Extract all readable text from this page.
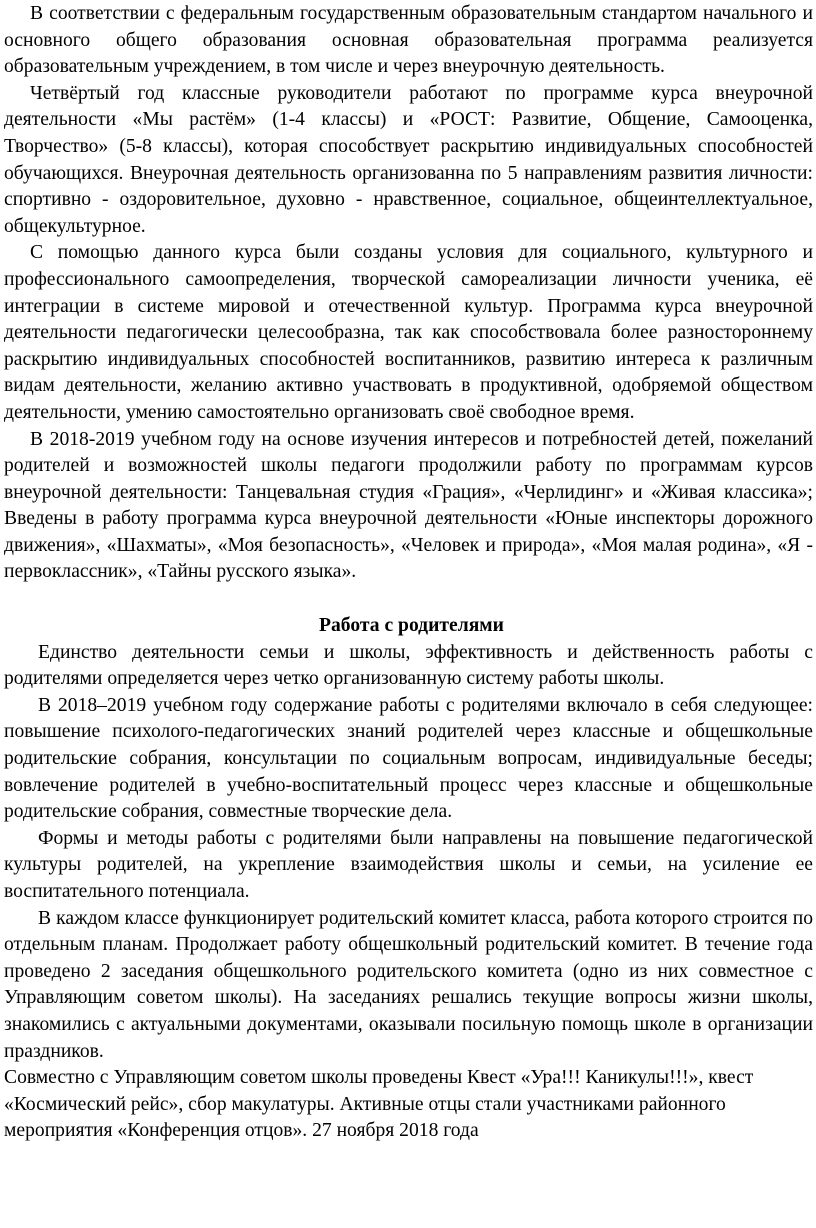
В соответствии с федеральным государственным образовательным стандартом начального и основного общего образования основная образовательная программа реализуется образовательным учреждением, в том числе и через внеурочную деятельность.

Четвёртый год классные руководители работают по программе курса внеурочной деятельности «Мы растём» (1-4 классы) и «РОСТ: Развитие, Общение, Самооценка, Творчество» (5-8 классы), которая способствует раскрытию индивидуальных способностей обучающихся. Внеурочная деятельность организованна по 5 направлениям развития личности: спортивно - оздоровительное, духовно - нравственное, социальное, общеинтеллектуальное, общекультурное.

С помощью данного курса были созданы условия для социального, культурного и профессионального самоопределения, творческой самореализации личности ученика, её интеграции в системе мировой и отечественной культур. Программа курса внеурочной деятельности педагогически целесообразна, так как способствовала более разностороннему раскрытию индивидуальных способностей воспитанников, развитию интереса к различным видам деятельности, желанию активно участвовать в продуктивной, одобряемой обществом деятельности, умению самостоятельно организовать своё свободное время.

В 2018-2019 учебном году на основе изучения интересов и потребностей детей, пожеланий родителей и возможностей школы педагоги продолжили работу по программам курсов внеурочной деятельности: Танцевальная студия «Грация», «Черлидинг» и «Живая классика»; Введены в работу программа курса внеурочной деятельности «Юные инспекторы дорожного движения», «Шахматы», «Моя безопасность», «Человек и природа», «Моя малая родина», «Я - первоклассник», «Тайны русского языка».

Работа с родителями

Единство деятельности семьи и школы, эффективность и действенность работы с родителями определяется через четко организованную систему работы школы.

В 2018–2019 учебном году содержание работы с родителями включало в себя следующее: повышение психолого-педагогических знаний родителей через классные и общешкольные родительские собрания, консультации по социальным вопросам, индивидуальные беседы; вовлечение родителей в учебно-воспитательный процесс через классные и общешкольные родительские собрания, совместные творческие дела.

Формы и методы работы с родителями были направлены на повышение педагогической культуры родителей, на укрепление взаимодействия школы и семьи, на усиление ее воспитательного потенциала.

В каждом классе функционирует родительский комитет класса, работа которого строится по отдельным планам. Продолжает работу общешкольный родительский комитет. В течение года проведено 2 заседания общешкольного родительского комитета (одно из них совместное с Управляющим советом школы). На заседаниях решались текущие вопросы жизни школы, знакомились с актуальными документами, оказывали посильную помощь школе в организации праздников.

Совместно с Управляющим советом школы проведены Квест «Ура!!! Каникулы!!!», квест «Космический рейс», сбор макулатуры. Активные отцы стали участниками районного мероприятия «Конференция отцов». 27 ноября 2018 года
